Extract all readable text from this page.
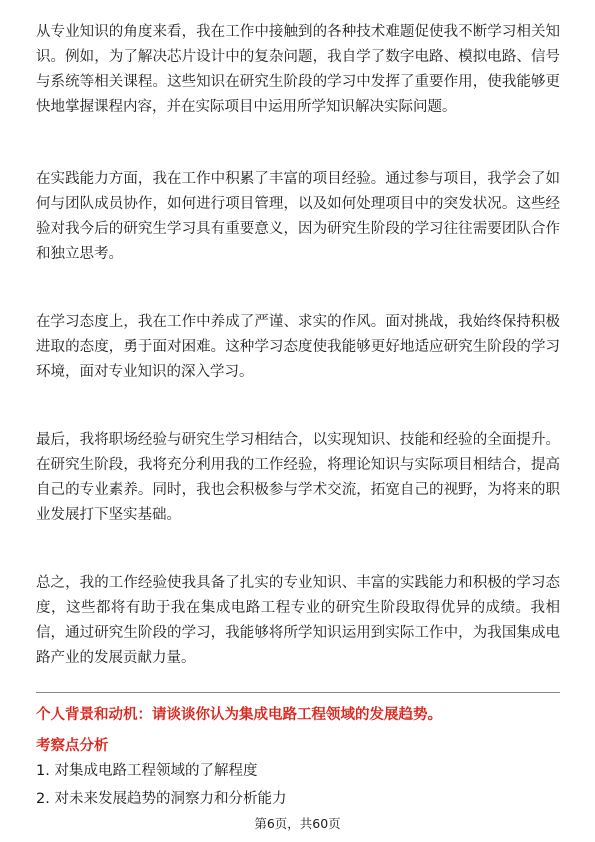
从专业知识的角度来看，我在工作中接触到的各种技术难题促使我不断学习相关知识。例如，为了解决芯片设计中的复杂问题，我自学了数字电路、模拟电路、信号与系统等相关课程。这些知识在研究生阶段的学习中发挥了重要作用，使我能够更快地掌握课程内容，并在实际项目中运用所学知识解决实际问题。

在实践能力方面，我在工作中积累了丰富的项目经验。通过参与项目，我学会了如何与团队成员协作，如何进行项目管理，以及如何处理项目中的突发状况。这些经验对我今后的研究生学习具有重要意义，因为研究生阶段的学习往往需要团队合作和独立思考。

在学习态度上，我在工作中养成了严谨、求实的作风。面对挑战，我始终保持积极进取的态度，勇于面对困难。这种学习态度使我能够更好地适应研究生阶段的学习环境，面对专业知识的深入学习。

最后，我将职场经验与研究生学习相结合，以实现知识、技能和经验的全面提升。在研究生阶段，我将充分利用我的工作经验，将理论知识与实际项目相结合，提高自己的专业素养。同时，我也会积极参与学术交流，拓宽自己的视野，为将来的职业发展打下坚实基础。

总之，我的工作经验使我具备了扎实的专业知识、丰富的实践能力和积极的学习态度，这些都将有助于我在集成电路工程专业的研究生阶段取得优异的成绩。我相信，通过研究生阶段的学习，我能够将所学知识运用到实际工作中，为我国集成电路产业的发展贡献力量。

个人背景和动机：请谈谈你认为集成电路工程领域的发展趋势。

考察点分析

1. 对集成电路工程领域的了解程度

2. 对未来发展趋势的洞察力和分析能力

第6页，共60页
